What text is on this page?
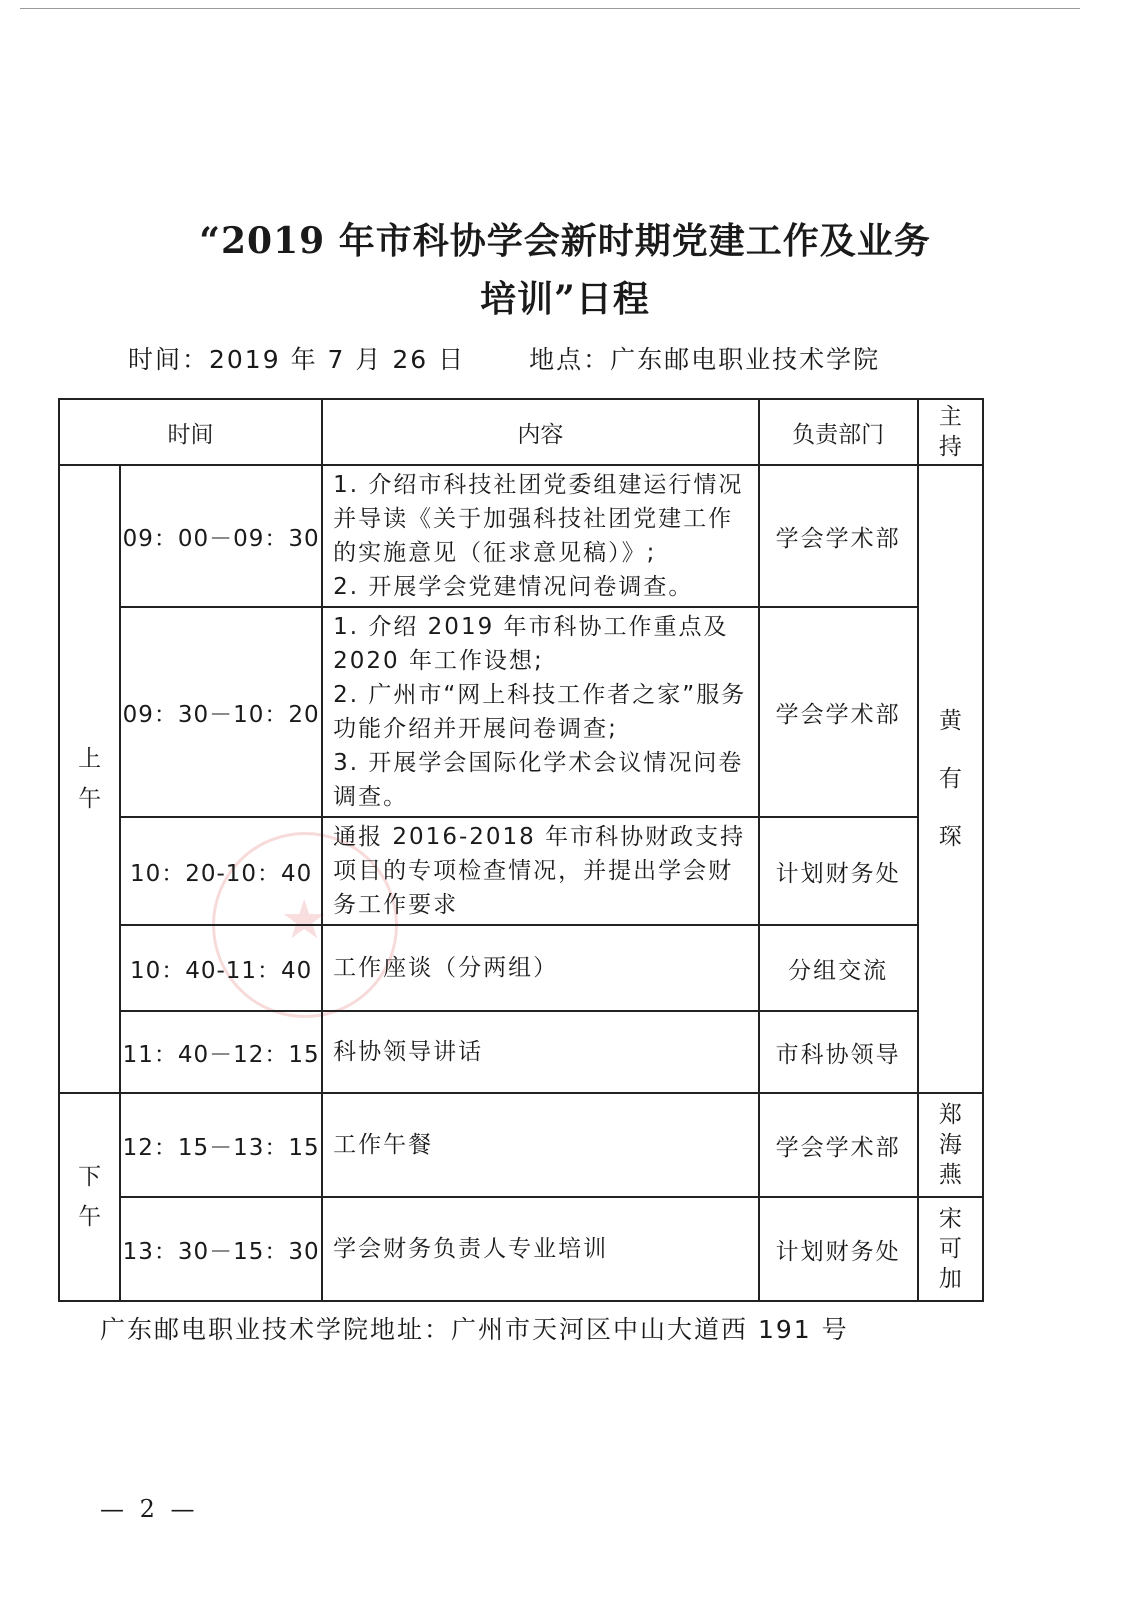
“2019 年市科协学会新时期党建工作及业务
培训”日程
时间：2019 年 7 月 26 日	地点：广东邮电职业技术学院
★
时间		内容	负责部门	主持
上午	09：00－09：30	1. 介绍市科技社团党委组建运行情况并导读《关于加强科技社团党建工作的实施意见（征求意见稿）》;
2. 开展学会党建情况问卷调查。	学会学术部	黄有琛
	09：30－10：20	1. 介绍 2019 年市科协工作重点及 2020 年工作设想;
2. 广州市“网上科技工作者之家”服务功能介绍并开展问卷调查;
3. 开展学会国际化学术会议情况问卷调查。	学会学术部	
	10：20-10：40	通报 2016-2018 年市科协财政支持项目的专项检查情况，并提出学会财务工作要求	计划财务处	
	10：40-11：40	工作座谈（分两组）	分组交流	
	11：40－12：15	科协领导讲话	市科协领导	
下午	12：15－13：15	工作午餐	学会学术部	郑海燕
	13：30－15：30	学会财务负责人专业培训	计划财务处	宋可加
广东邮电职业技术学院地址：广州市天河区中山大道西 191 号
— 2 —
